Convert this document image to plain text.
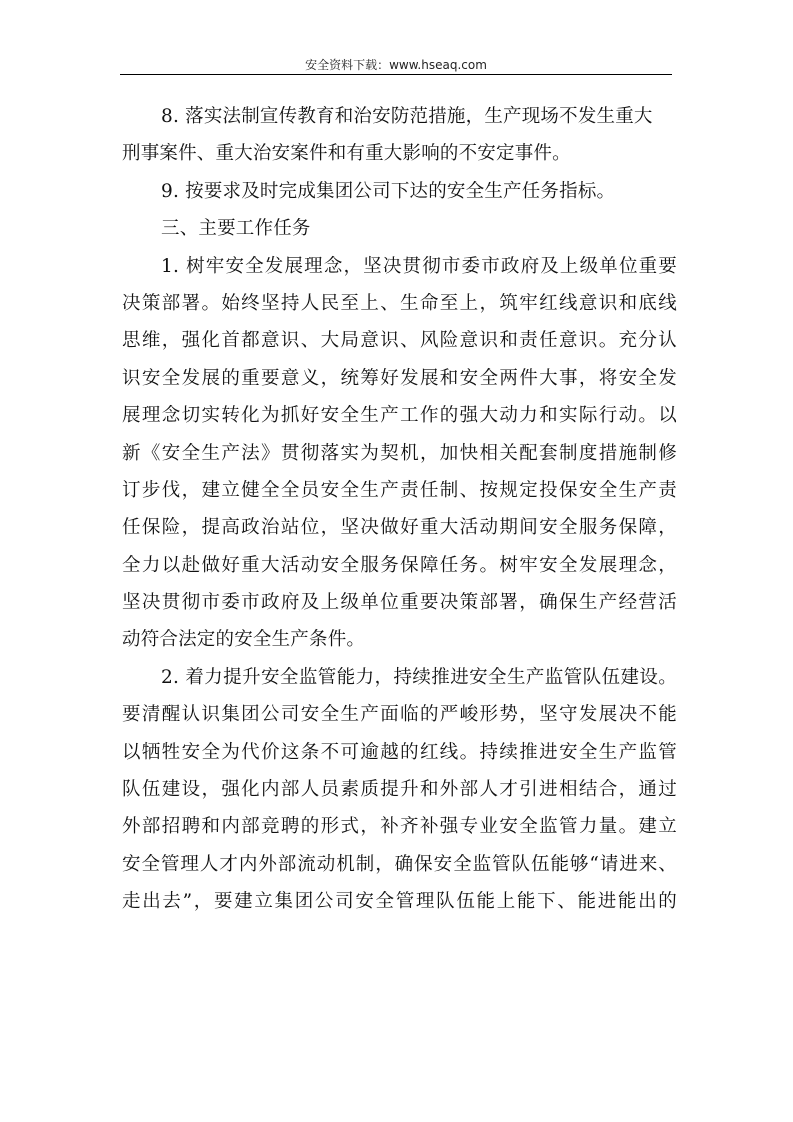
安全资料下载：www.hseaq.com
8. 落实法制宣传教育和治安防范措施，生产现场不发生重大
刑事案件、重大治安案件和有重大影响的不安定事件。
9. 按要求及时完成集团公司下达的安全生产任务指标。
三、主要工作任务
1. 树牢安全发展理念，坚决贯彻市委市政府及上级单位重要
决策部署。始终坚持人民至上、生命至上，筑牢红线意识和底线
思维，强化首都意识、大局意识、风险意识和责任意识。充分认
识安全发展的重要意义，统筹好发展和安全两件大事，将安全发
展理念切实转化为抓好安全生产工作的强大动力和实际行动。以
新《安全生产法》贯彻落实为契机，加快相关配套制度措施制修
订步伐，建立健全全员安全生产责任制、按规定投保安全生产责
任保险，提高政治站位，坚决做好重大活动期间安全服务保障，
全力以赴做好重大活动安全服务保障任务。树牢安全发展理念，
坚决贯彻市委市政府及上级单位重要决策部署，确保生产经营活
动符合法定的安全生产条件。
2. 着力提升安全监管能力，持续推进安全生产监管队伍建设。
要清醒认识集团公司安全生产面临的严峻形势，坚守发展决不能
以牺牲安全为代价这条不可逾越的红线。持续推进安全生产监管
队伍建设，强化内部人员素质提升和外部人才引进相结合，通过
外部招聘和内部竞聘的形式，补齐补强专业安全监管力量。建立
安全管理人才内外部流动机制，确保安全监管队伍能够“请进来、
走出去”，要建立集团公司安全管理队伍能上能下、能进能出的
